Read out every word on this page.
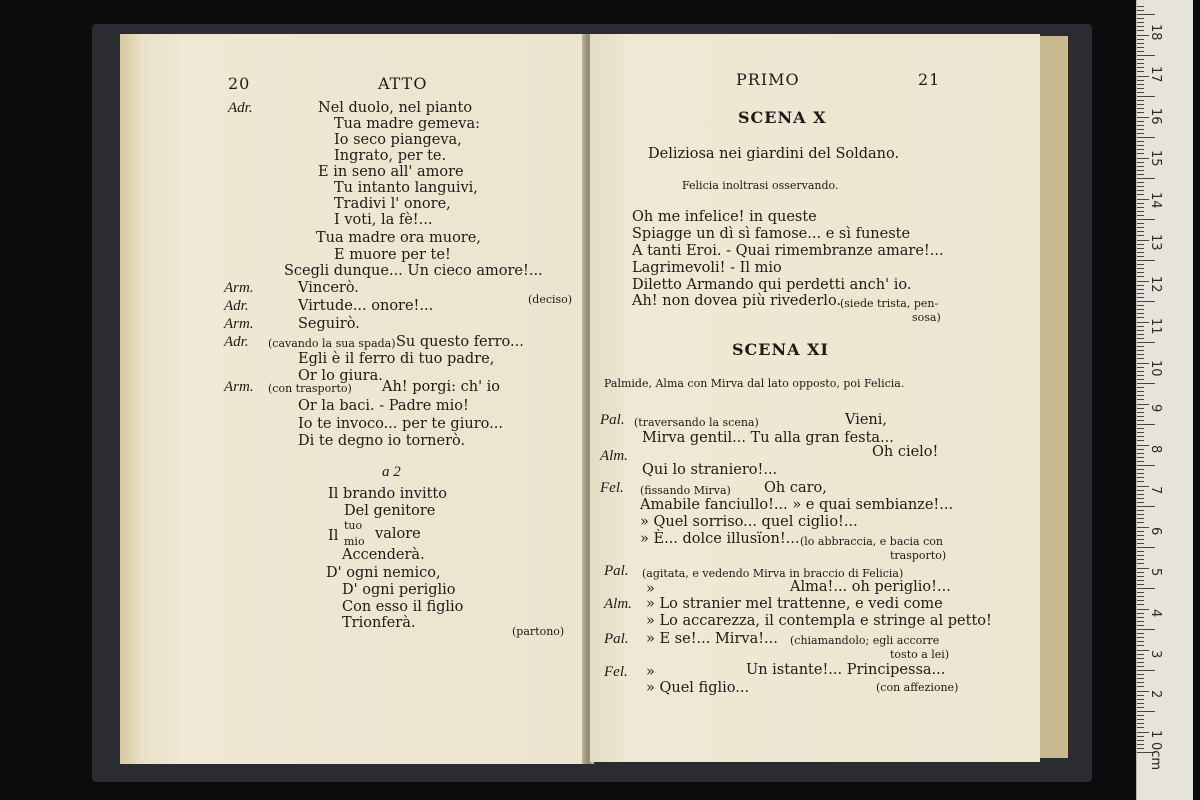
20	ATTO
Adr.	Nel duolo, nel pianto
Tua madre gemeva:
Io seco piangeva,
Ingrato, per te.
E in seno all' amore
Tu intanto languivi,
Tradivi l' onore,
I voti, la fè!...
Tua madre ora muore,
E muore per te!
Scegli dunque... Un cieco amore!...
Arm.	Vincerò.
(deciso)
Adr.	Virtude... onore!...
Arm.	Seguirò.
Adr. (cavando la sua spada) Su questo ferro...
Egli è il ferro di tuo padre,
Or lo giura.
Arm. (con trasporto) Ah! porgi: ch' io
Or la baci. - Padre mio!
Io te invoco... per te giuro...
Di te degno io tornerò.
a 2
Il brando invitto
Del genitore
Il
tuo
mio valore
Accenderà.
D' ogni nemico,
D' ogni periglio
Con esso il figlio
Trionferà.
(partono)
PRIMO	21
SCENA X
Deliziosa nei giardini del Soldano.
Felicia inoltrasi osservando.
Oh me infelice! in queste
Spiagge un dì sì famose... e sì funeste
A tanti Eroi. - Quai rimembranze amare!...
Lagrimevoli! - Il mio
Diletto Armando qui perdetti anch' io.
Ah! non dovea più rivederlo.
(siede trista, pen-
sosa)
SCENA XI
Palmide, Alma con Mirva dal lato opposto, poi Felicia.
Pal. (traversando la scena)	Vieni,
Mirva gentil... Tu alla gran festa...
Alm.	Oh cielo!
Qui lo straniero!...
Fel. (fissando Mirva) Oh caro,
Amabile fanciullo!... » e quai sembianze!...
» Quel sorriso... quel ciglio!...
» È... dolce illusïon!... (lo abbraccia, e bacia con
trasporto)
Pal. (agitata, e vedendo Mirva in braccio di Felicia)
»	Alma!... oh periglio!...
Alm. » Lo stranier mel trattenne, e vedi come
» Lo accarezza, il contempla e stringe al petto!
Pal. » E se!... Mirva!... (chiamandolo; egli accorre
tosto a lei)
Fel. »	Un istante!... Principessa...
» Quel figlio...	(con affezione)
0cm
1
2
3
4
5
6
7
8
9
10
11
12
13
14
15
16
17
18
